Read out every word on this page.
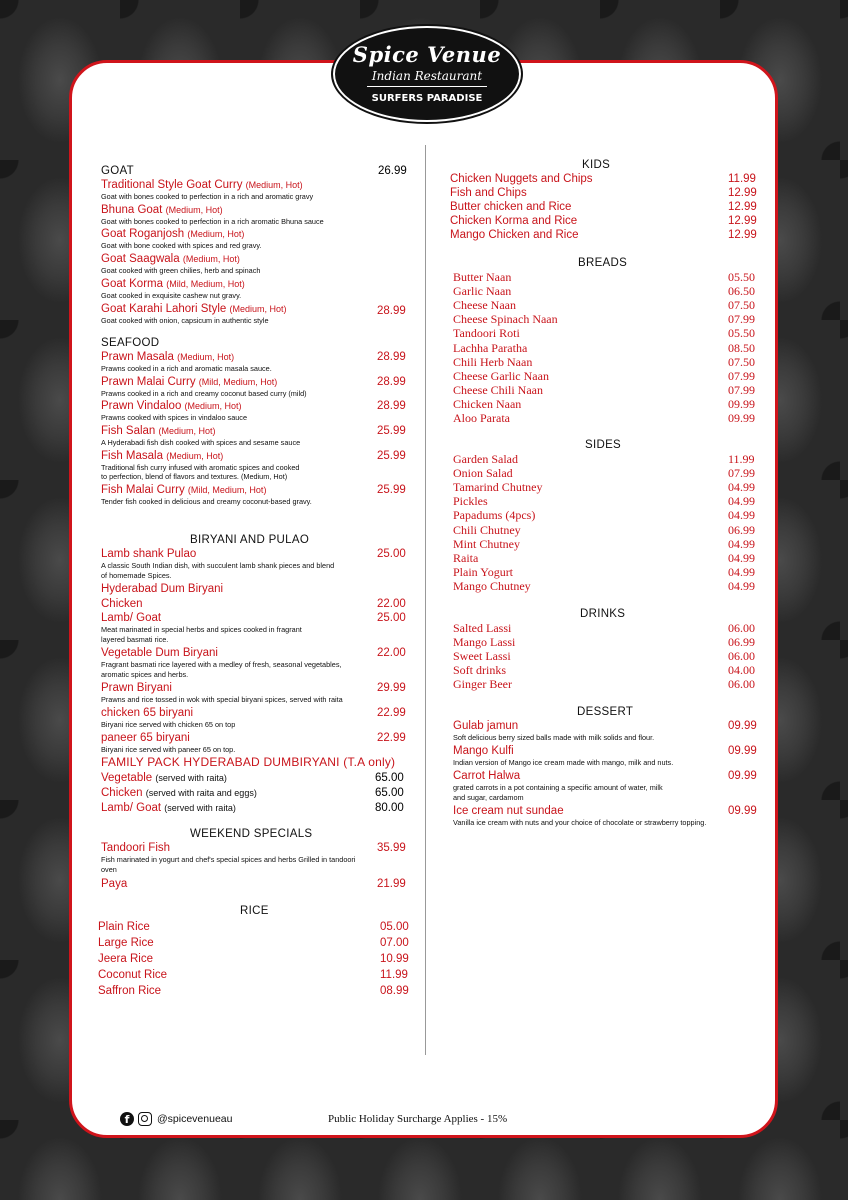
Spice Venue
Indian Restaurant
SURFERS PARADISE
GOAT	26.99
Traditional Style Goat Curry (Medium, Hot)
Goat with bones cooked to perfection in a rich and aromatic gravy
Bhuna Goat (Medium, Hot)
Goat with bones cooked to perfection in a rich aromatic Bhuna sauce
Goat Roganjosh (Medium, Hot)
Goat with bone cooked with spices and red gravy.
Goat Saagwala (Medium, Hot)
Goat cooked with green chilies, herb and spinach
Goat Korma (Mild, Medium, Hot)
Goat cooked in exquisite cashew nut gravy.
Goat Karahi Lahori Style (Medium, Hot)	28.99
Goat cooked with onion, capsicum in authentic style
SEAFOOD
Prawn Masala (Medium, Hot)	28.99
Prawns cooked in a rich and aromatic masala sauce.
Prawn Malai Curry (Mild, Medium, Hot)	28.99
Prawns cooked in a rich and creamy coconut based curry (mild)
Prawn Vindaloo (Medium, Hot)	28.99
Prawns cooked with spices in vindaloo sauce
Fish Salan (Medium, Hot)	25.99
A Hyderabadi fish dish cooked with spices and sesame sauce
Fish Masala (Medium, Hot)	25.99
Traditional fish curry infused with aromatic spices and cooked
to perfection, blend of flavors and textures. (Medium, Hot)
Fish Malai Curry (Mild, Medium, Hot)	25.99
Tender fish cooked in delicious and creamy coconut-based gravy.
BIRYANI AND PULAO
Lamb shank Pulao	25.00
A classic South Indian dish, with succulent lamb shank pieces and blend
of homemade Spices.
Hyderabad Dum Biryani
Chicken	22.00
Lamb/ Goat	25.00
Meat marinated in special herbs and spices cooked in fragrant
layered basmati rice.
Vegetable Dum Biryani	22.00
Fragrant basmati rice layered with a medley of fresh, seasonal vegetables,
aromatic spices and herbs.
Prawn Biryani	29.99
Prawns and rice tossed in wok with special biryani spices, served with raita
chicken 65 biryani	22.99
Biryani rice served with chicken 65 on top
paneer 65 biryani	22.99
Biryani rice served with paneer 65 on top.
FAMILY PACK HYDERABAD DUMBIRYANI (T.A only)
Vegetable (served with raita)	65.00
Chicken (served with raita and eggs)	65.00
Lamb/ Goat (served with raita)	80.00
WEEKEND SPECIALS
Tandoori Fish	35.99
Fish marinated in yogurt and chef's special spices and herbs Grilled in tandoori
oven
Paya	21.99
RICE
Plain Rice	05.00
Large Rice	07.00
Jeera Rice	10.99
Coconut Rice	11.99
Saffron Rice	08.99
KIDS
Chicken Nuggets and Chips	11.99
Fish and Chips	12.99
Butter chicken and Rice	12.99
Chicken Korma and Rice	12.99
Mango Chicken and Rice	12.99
BREADS
Butter Naan	05.50
Garlic Naan	06.50
Cheese Naan	07.50
Cheese Spinach Naan	07.99
Tandoori Roti	05.50
Lachha Paratha	08.50
Chili Herb Naan	07.50
Cheese Garlic Naan	07.99
Cheese Chili Naan	07.99
Chicken Naan	09.99
Aloo Parata	09.99
SIDES
Garden Salad	11.99
Onion Salad	07.99
Tamarind Chutney	04.99
Pickles	04.99
Papadums (4pcs)	04.99
Chili Chutney	06.99
Mint Chutney	04.99
Raita	04.99
Plain Yogurt	04.99
Mango Chutney	04.99
DRINKS
Salted Lassi	06.00
Mango Lassi	06.99
Sweet Lassi	06.00
Soft drinks	04.00
Ginger Beer	06.00
DESSERT
Gulab jamun	09.99
Soft delicious berry sized balls made with milk solids and flour.
Mango Kulfi	09.99
Indian version of Mango ice cream made with mango, milk and nuts.
Carrot Halwa	09.99
grated carrots in a pot containing a specific amount of water, milk
and sugar, cardamom
Ice cream nut sundae	09.99
Vanilla ice cream with nuts and your choice of chocolate or strawberry topping.
f	@spicevenueau	Public Holiday Surcharge Applies - 15%
